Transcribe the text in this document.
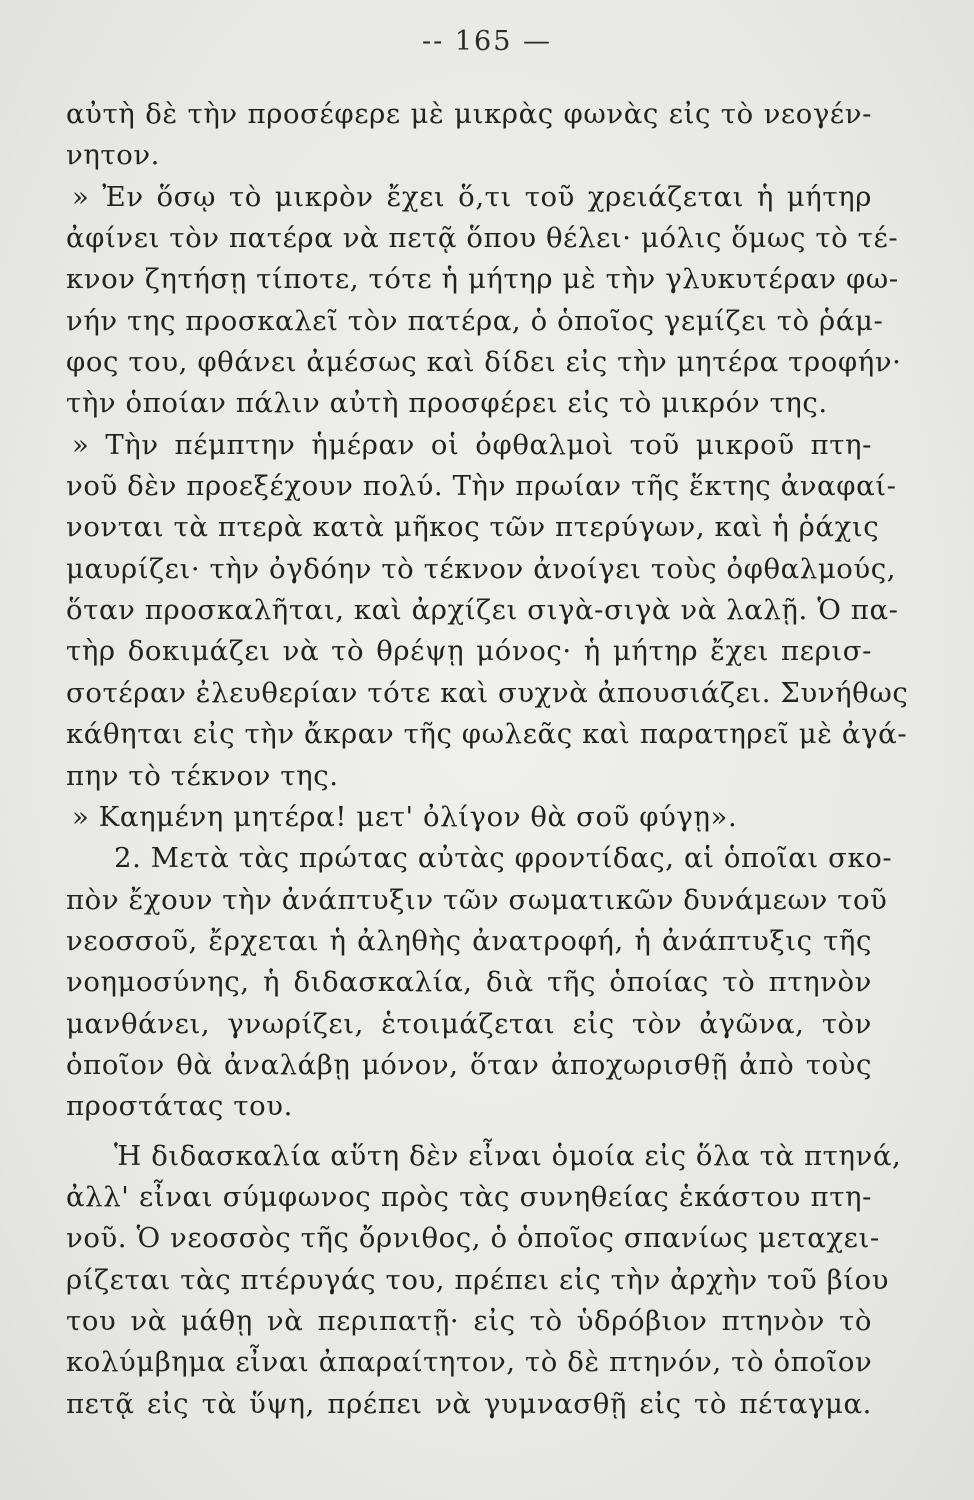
-- 165 —
αὐτὴ δὲ τὴν προσέφερε μὲ μικρὰς φωνὰς εἰς τὸ νεογέν-
νητον.
» Ἐν ὅσῳ τὸ μικρὸν ἔχει ὅ,τι τοῦ χρειάζεται ἡ μήτηρ
ἀφίνει τὸν πατέρα νὰ πετᾷ ὅπου θέλει· μόλις ὅμως τὸ τέ-
κνον ζητήσῃ τίποτε, τότε ἡ μήτηρ μὲ τὴν γλυκυτέραν φω-
νήν της προσκαλεῖ τὸν πατέρα, ὁ ὁποῖος γεμίζει τὸ ῥάμ-
φος του, φθάνει ἀμέσως καὶ δίδει εἰς τὴν μητέρα τροφήν·
τὴν ὁποίαν πάλιν αὐτὴ προσφέρει εἰς τὸ μικρόν της.
» Τὴν πέμπτην ἡμέραν οἱ ὀφθαλμοὶ τοῦ μικροῦ πτη-
νοῦ δὲν προεξέχουν πολύ. Τὴν πρωίαν τῆς ἕκτης ἀναφαί-
νονται τὰ πτερὰ κατὰ μῆκος τῶν πτερύγων, καὶ ἡ ῥάχις
μαυρίζει· τὴν ὀγδόην τὸ τέκνον ἀνοίγει τοὺς ὀφθαλμούς,
ὅταν προσκαλῆται, καὶ ἀρχίζει σιγὰ-σιγὰ νὰ λαλῇ. Ὁ πα-
τὴρ δοκιμάζει νὰ τὸ θρέψῃ μόνος· ἡ μήτηρ ἔχει περισ-
σοτέραν ἐλευθερίαν τότε καὶ συχνὰ ἀπουσιάζει. Συνήθως
κάθηται εἰς τὴν ἄκραν τῆς φωλεᾶς καὶ παρατηρεῖ μὲ ἀγά-
πην τὸ τέκνον της.
» Καημένη μητέρα! μετ' ὀλίγον θὰ σοῦ φύγῃ».
2. Μετὰ τὰς πρώτας αὐτὰς φροντίδας, αἱ ὁποῖαι σκο-
πὸν ἔχουν τὴν ἀνάπτυξιν τῶν σωματικῶν δυνάμεων τοῦ
νεοσσοῦ, ἔρχεται ἡ ἀληθὴς ἀνατροφή, ἡ ἀνάπτυξις τῆς
νοημοσύνης, ἡ διδασκαλία, διὰ τῆς ὁποίας τὸ πτηνὸν
μανθάνει, γνωρίζει, ἑτοιμάζεται εἰς τὸν ἀγῶνα, τὸν
ὁποῖον θὰ ἀναλάβῃ μόνον, ὅταν ἀποχωρισθῇ ἀπὸ τοὺς
προστάτας του.
Ἡ διδασκαλία αὕτη δὲν εἶναι ὁμοία εἰς ὅλα τὰ πτηνά,
ἀλλ' εἶναι σύμφωνος πρὸς τὰς συνηθείας ἑκάστου πτη-
νοῦ. Ὁ νεοσσὸς τῆς ὄρνιθος, ὁ ὁποῖος σπανίως μεταχει-
ρίζεται τὰς πτέρυγάς του, πρέπει εἰς τὴν ἀρχὴν τοῦ βίου
του νὰ μάθῃ νὰ περιπατῇ· εἰς τὸ ὑδρόβιον πτηνὸν τὸ
κολύμβημα εἶναι ἀπαραίτητον, τὸ δὲ πτηνόν, τὸ ὁποῖον
πετᾷ εἰς τὰ ὕψη, πρέπει νὰ γυμνασθῇ εἰς τὸ πέταγμα.
